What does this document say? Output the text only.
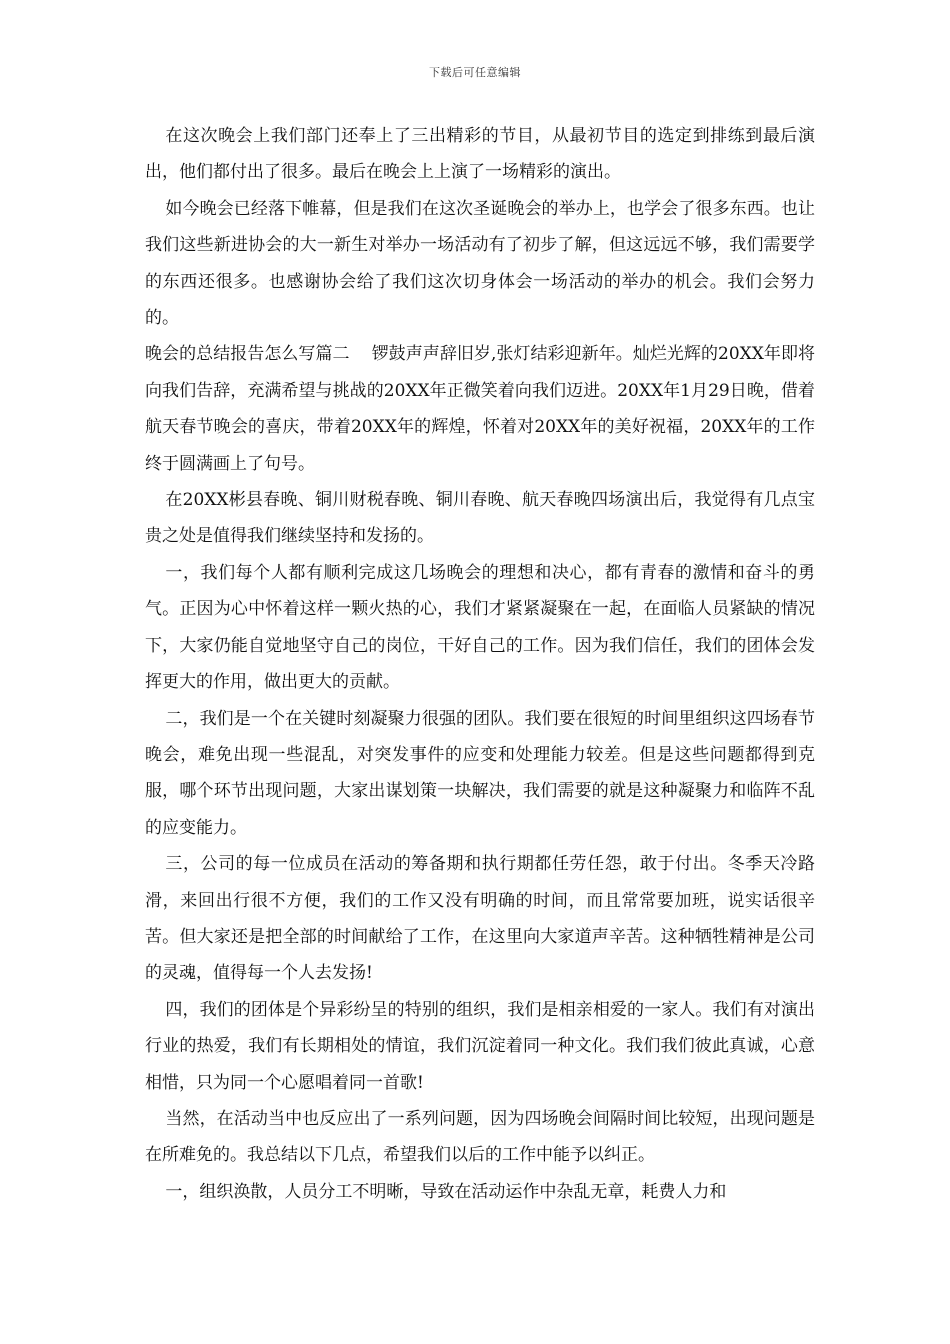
下载后可任意编辑

在这次晚会上我们部门还奉上了三出精彩的节目，从最初节目的选定到排练到最后演出，他们都付出了很多。最后在晚会上上演了一场精彩的演出。

如今晚会已经落下帷幕，但是我们在这次圣诞晚会的举办上，也学会了很多东西。也让我们这些新进协会的大一新生对举办一场活动有了初步了解，但这远远不够，我们需要学的东西还很多。也感谢协会给了我们这次切身体会一场活动的举办的机会。我们会努力的。

晚会的总结报告怎么写篇二 锣鼓声声辞旧岁,张灯结彩迎新年。灿烂光辉的20XX年即将向我们告辞，充满希望与挑战的20XX年正微笑着向我们迈进。20XX年1月29日晚，借着航天春节晚会的喜庆，带着20XX年的辉煌，怀着对20XX年的美好祝福，20XX年的工作终于圆满画上了句号。

在20XX彬县春晚、铜川财税春晚、铜川春晚、航天春晚四场演出后，我觉得有几点宝贵之处是值得我们继续坚持和发扬的。

一，我们每个人都有顺利完成这几场晚会的理想和决心，都有青春的激情和奋斗的勇气。正因为心中怀着这样一颗火热的心，我们才紧紧凝聚在一起，在面临人员紧缺的情况下，大家仍能自觉地坚守自己的岗位，干好自己的工作。因为我们信任，我们的团体会发挥更大的作用，做出更大的贡献。

二，我们是一个在关键时刻凝聚力很强的团队。我们要在很短的时间里组织这四场春节晚会，难免出现一些混乱，对突发事件的应变和处理能力较差。但是这些问题都得到克服，哪个环节出现问题，大家出谋划策一块解决，我们需要的就是这种凝聚力和临阵不乱的应变能力。

三，公司的每一位成员在活动的筹备期和执行期都任劳任怨，敢于付出。冬季天冷路滑，来回出行很不方便，我们的工作又没有明确的时间，而且常常要加班，说实话很辛苦。但大家还是把全部的时间献给了工作，在这里向大家道声辛苦。这种牺牲精神是公司的灵魂，值得每一个人去发扬!

四，我们的团体是个异彩纷呈的特别的组织，我们是相亲相爱的一家人。我们有对演出行业的热爱，我们有长期相处的情谊，我们沉淀着同一种文化。我们我们彼此真诚，心意相惜，只为同一个心愿唱着同一首歌!

当然，在活动当中也反应出了一系列问题，因为四场晚会间隔时间比较短，出现问题是在所难免的。我总结以下几点，希望我们以后的工作中能予以纠正。

一，组织涣散，人员分工不明晰，导致在活动运作中杂乱无章，耗费人力和
